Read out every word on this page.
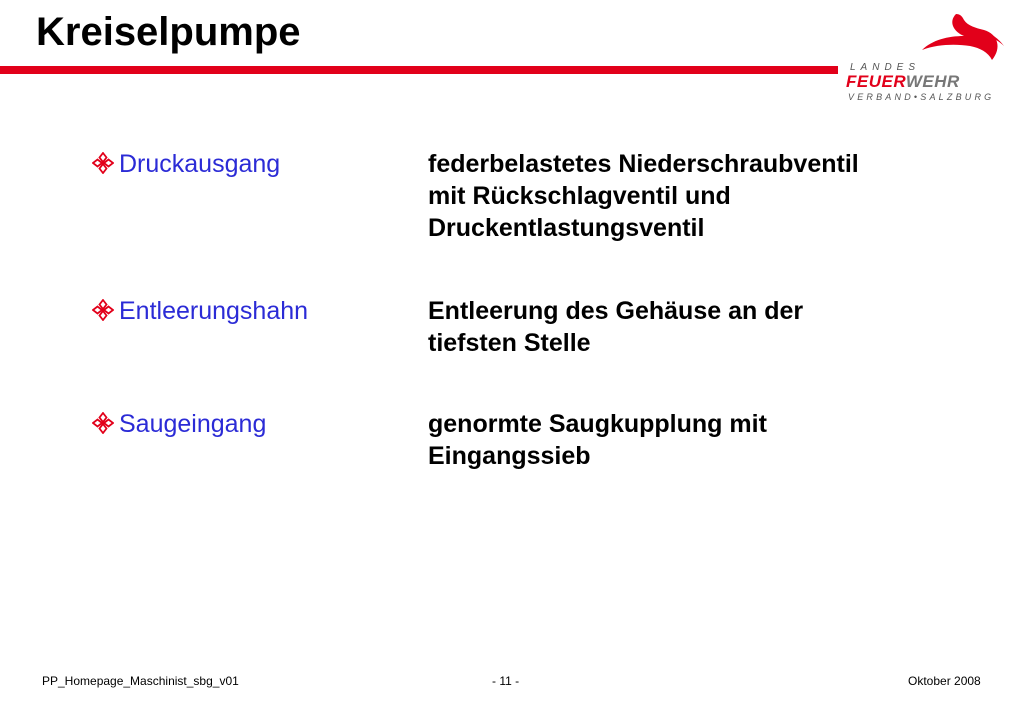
Kreiselpumpe
LANDES
FEUERWEHR
VERBAND•SALZBURG
Druckausgang	federbelastetes Niederschraubventil
mit Rückschlagventil und
Druckentlastungsventil
Entleerungshahn	Entleerung des Gehäuse an der
tiefsten Stelle
Saugeingang	genormte Saugkupplung mit
Eingangssieb
PP_Homepage_Maschinist_sbg_v01	- 11 -	Oktober 2008
